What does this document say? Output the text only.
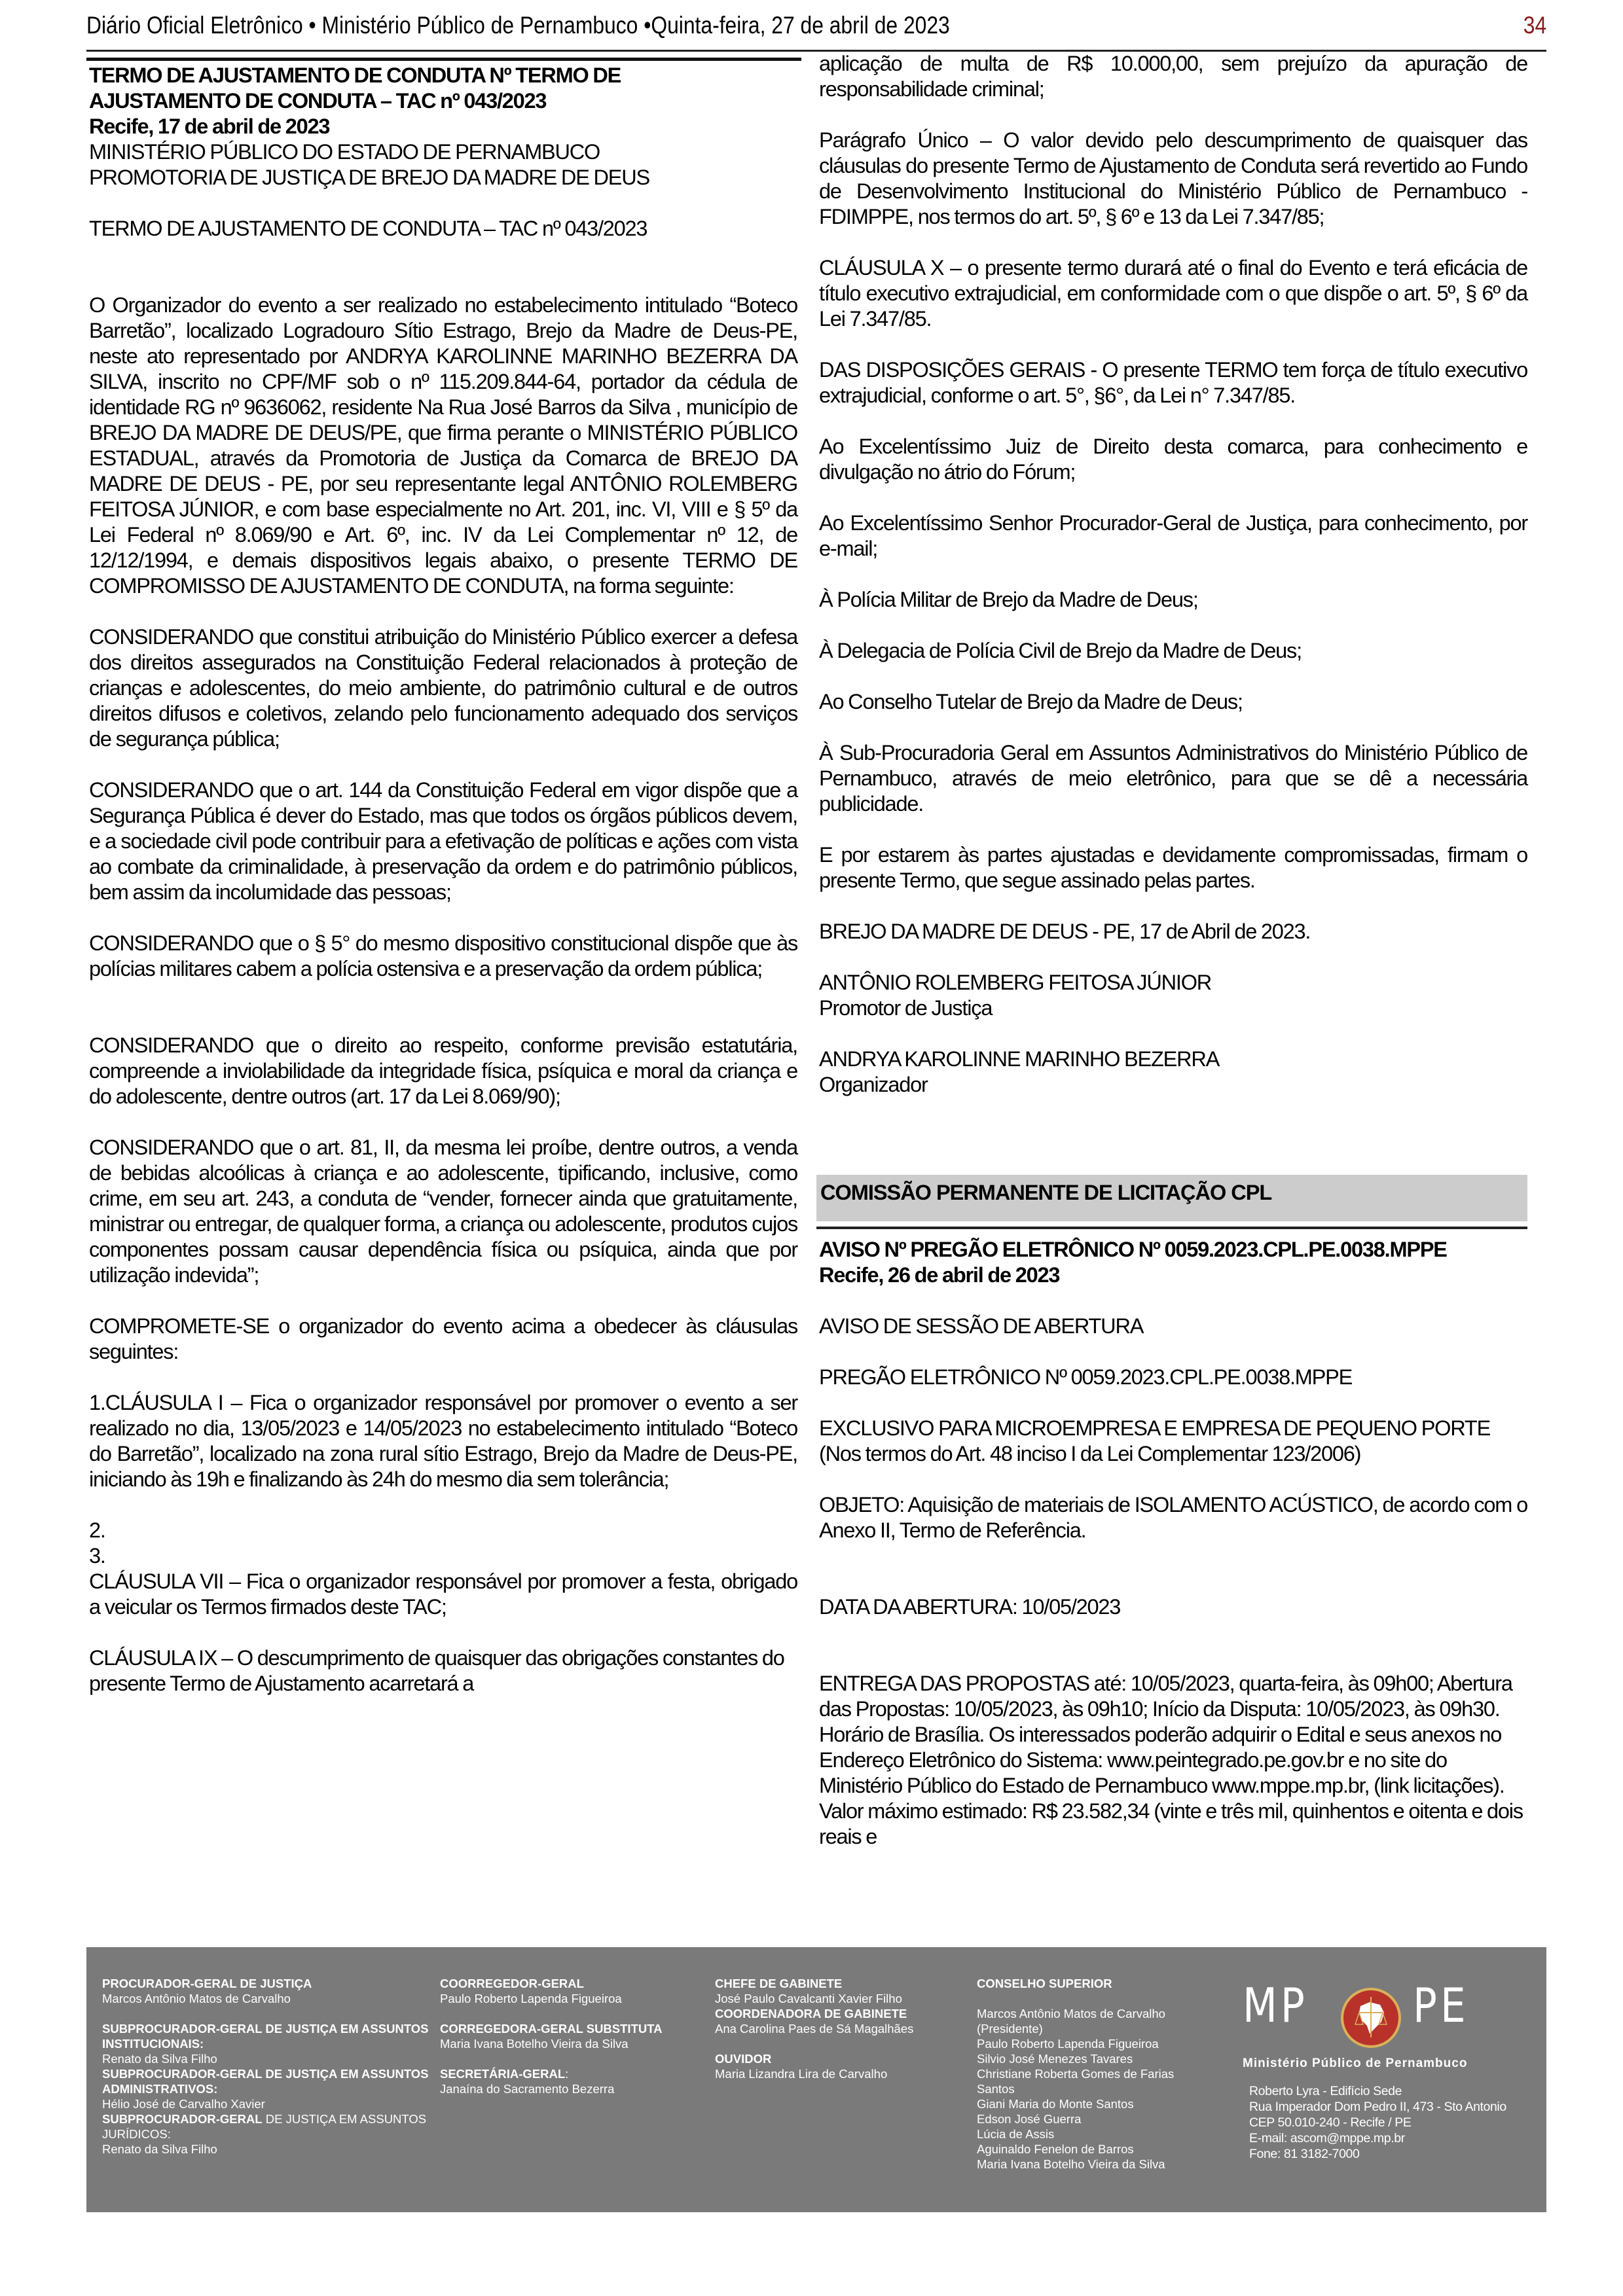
Diário Oficial Eletrônico • Ministério Público de Pernambuco •Quinta-feira, 27 de abril de 2023	34
TERMO DE AJUSTAMENTO DE CONDUTA Nº TERMO DE
AJUSTAMENTO DE CONDUTA – TAC nº 043/2023
Recife, 17 de abril de 2023
MINISTÉRIO PÚBLICO DO ESTADO DE PERNAMBUCO
PROMOTORIA DE JUSTIÇA DE BREJO DA MADRE DE DEUS

TERMO DE AJUSTAMENTO DE CONDUTA – TAC nº 043/2023

O Organizador do evento a ser realizado no estabelecimento intitulado “Boteco Barretão”, localizado Logradouro Sítio Estrago, Brejo da Madre de Deus-PE, neste ato representado por ANDRYA KAROLINNE MARINHO BEZERRA DA SILVA, inscrito no CPF/MF sob o nº 115.209.844-64, portador da cédula de identidade RG nº 9636062, residente Na Rua José Barros da Silva , município de BREJO DA MADRE DE DEUS/PE, que firma perante o MINISTÉRIO PÚBLICO ESTADUAL, através da Promotoria de Justiça da Comarca de BREJO DA MADRE DE DEUS - PE, por seu representante legal ANTÔNIO ROLEMBERG FEITOSA JÚNIOR, e com base especialmente no Art. 201, inc. VI, VIII e § 5º da Lei Federal nº 8.069/90 e Art. 6º, inc. IV da Lei Complementar nº 12, de 12/12/1994, e demais dispositivos legais abaixo, o presente TERMO DE COMPROMISSO DE AJUSTAMENTO DE CONDUTA, na forma seguinte:

CONSIDERANDO que constitui atribuição do Ministério Público exercer a defesa dos direitos assegurados na Constituição Federal relacionados à proteção de crianças e adolescentes, do meio ambiente, do patrimônio cultural e de outros direitos difusos e coletivos, zelando pelo funcionamento adequado dos serviços de segurança pública;

CONSIDERANDO que o art. 144 da Constituição Federal em vigor dispõe que a Segurança Pública é dever do Estado, mas que todos os órgãos públicos devem, e a sociedade civil pode contribuir para a efetivação de políticas e ações com vista ao combate da criminalidade, à preservação da ordem e do patrimônio públicos, bem assim da incolumidade das pessoas;

CONSIDERANDO que o § 5° do mesmo dispositivo constitucional dispõe que às polícias militares cabem a polícia ostensiva e a preservação da ordem pública;

CONSIDERANDO que o direito ao respeito, conforme previsão estatutária, compreende a inviolabilidade da integridade física, psíquica e moral da criança e do adolescente, dentre outros (art. 17 da Lei 8.069/90);

CONSIDERANDO que o art. 81, II, da mesma lei proíbe, dentre outros, a venda de bebidas alcoólicas à criança e ao adolescente, tipificando, inclusive, como crime, em seu art. 243, a conduta de “vender, fornecer ainda que gratuitamente, ministrar ou entregar, de qualquer forma, a criança ou adolescente, produtos cujos componentes possam causar dependência física ou psíquica, ainda que por utilização indevida”;

COMPROMETE-SE o organizador do evento acima a obedecer às cláusulas seguintes:

1.CLÁUSULA I – Fica o organizador responsável por promover o evento a ser realizado no dia, 13/05/2023 e 14/05/2023 no estabelecimento intitulado “Boteco do Barretão”, localizado na zona rural sítio Estrago, Brejo da Madre de Deus-PE, iniciando às 19h e finalizando às 24h do mesmo dia sem tolerância;

2.
3.

CLÁUSULA VII – Fica o organizador responsável por promover a festa, obrigado a veicular os Termos firmados deste TAC;

CLÁUSULA IX – O descumprimento de quaisquer das obrigações constantes do presente Termo de Ajustamento acarretará a

aplicação de multa de R$ 10.000,00, sem prejuízo da apuração de responsabilidade criminal;

Parágrafo Único – O valor devido pelo descumprimento de quaisquer das cláusulas do presente Termo de Ajustamento de Conduta será revertido ao Fundo de Desenvolvimento Institucional do Ministério Público de Pernambuco - FDIMPPE, nos termos do art. 5º, § 6º e 13 da Lei 7.347/85;

CLÁUSULA X – o presente termo durará até o final do Evento e terá eficácia de título executivo extrajudicial, em conformidade com o que dispõe o art. 5º, § 6º da Lei 7.347/85.

DAS DISPOSIÇÕES GERAIS - O presente TERMO tem força de título executivo extrajudicial, conforme o art. 5°, §6°, da Lei n° 7.347/85.

Ao Excelentíssimo Juiz de Direito desta comarca, para conhecimento e divulgação no átrio do Fórum;

Ao Excelentíssimo Senhor Procurador-Geral de Justiça, para conhecimento, por e-mail;

À Polícia Militar de Brejo da Madre de Deus;

À Delegacia de Polícia Civil de Brejo da Madre de Deus;

Ao Conselho Tutelar de Brejo da Madre de Deus;

À Sub-Procuradoria Geral em Assuntos Administrativos do Ministério Público de Pernambuco, através de meio eletrônico, para que se dê a necessária publicidade.

E por estarem às partes ajustadas e devidamente compromissadas, firmam o presente Termo, que segue assinado pelas partes.

BREJO DA MADRE DE DEUS - PE, 17 de Abril de 2023.

ANTÔNIO ROLEMBERG FEITOSA JÚNIOR

Promotor de Justiça

ANDRYA KAROLINNE MARINHO BEZERRA
Organizador
COMISSÃO PERMANENTE DE LICITAÇÃO CPL
AVISO Nº PREGÃO ELETRÔNICO Nº 0059.2023.CPL.PE.0038.MPPE
Recife, 26 de abril de 2023

AVISO DE SESSÃO DE ABERTURA

PREGÃO ELETRÔNICO Nº 0059.2023.CPL.PE.0038.MPPE

EXCLUSIVO PARA MICROEMPRESA E EMPRESA DE PEQUENO PORTE

(Nos termos do Art. 48 inciso I da Lei Complementar 123/2006)

OBJETO: Aquisição de materiais de ISOLAMENTO ACÚSTICO, de acordo com o Anexo II, Termo de Referência.

DATA DA ABERTURA: 10/05/2023

ENTREGA DAS PROPOSTAS até: 10/05/2023, quarta-feira, às 09h00; Abertura das Propostas: 10/05/2023, às 09h10; Início da Disputa: 10/05/2023, às 09h30. Horário de Brasília. Os interessados poderão adquirir o Edital e seus anexos no Endereço Eletrônico do Sistema: www.peintegrado.pe.gov.br e no site do Ministério Público do Estado de Pernambuco www.mppe.mp.br, (link licitações). Valor máximo estimado: R$ 23.582,34 (vinte e três mil, quinhentos e oitenta e dois reais e

PROCURADOR-GERAL DE JUSTIÇA
Marcos Antônio Matos de Carvalho
SUBPROCURADOR-GERAL DE JUSTIÇA EM ASSUNTOS INSTITUCIONAIS:
Renato da Silva Filho
SUBPROCURADOR-GERAL DE JUSTIÇA EM ASSUNTOS ADMINISTRATIVOS:
Hélio José de Carvalho Xavier
SUBPROCURADOR-GERAL DE JUSTIÇA EM ASSUNTOS JURÍDICOS:
Renato da Silva Filho
COORREGEDOR-GERAL
Paulo Roberto Lapenda Figueiroa
CORREGEDORA-GERAL SUBSTITUTA
Maria Ivana Botelho Vieira da Silva
SECRETÁRIA-GERAL:
Janaína do Sacramento Bezerra
CHEFE DE GABINETE
José Paulo Cavalcanti Xavier Filho
COORDENADORA DE GABINETE
Ana Carolina Paes de Sá Magalhães
OUVIDOR
Maria Lizandra Lira de Carvalho
CONSELHO SUPERIOR
Marcos Antônio Matos de Carvalho
(Presidente)
Paulo Roberto Lapenda Figueiroa
Silvio José Menezes Tavares
Christiane Roberta Gomes de Farias
Santos
Giani Maria do Monte Santos
Edson José Guerra
Lúcia de Assis
Aguinaldo Fenelon de Barros
Maria Ivana Botelho Vieira da Silva
MP PE
Ministério Público de Pernambuco
Roberto Lyra - Edifício Sede
Rua Imperador Dom Pedro II, 473 - Sto Antonio
CEP 50.010-240 - Recife / PE
E-mail: ascom@mppe.mp.br
Fone: 81 3182-7000
